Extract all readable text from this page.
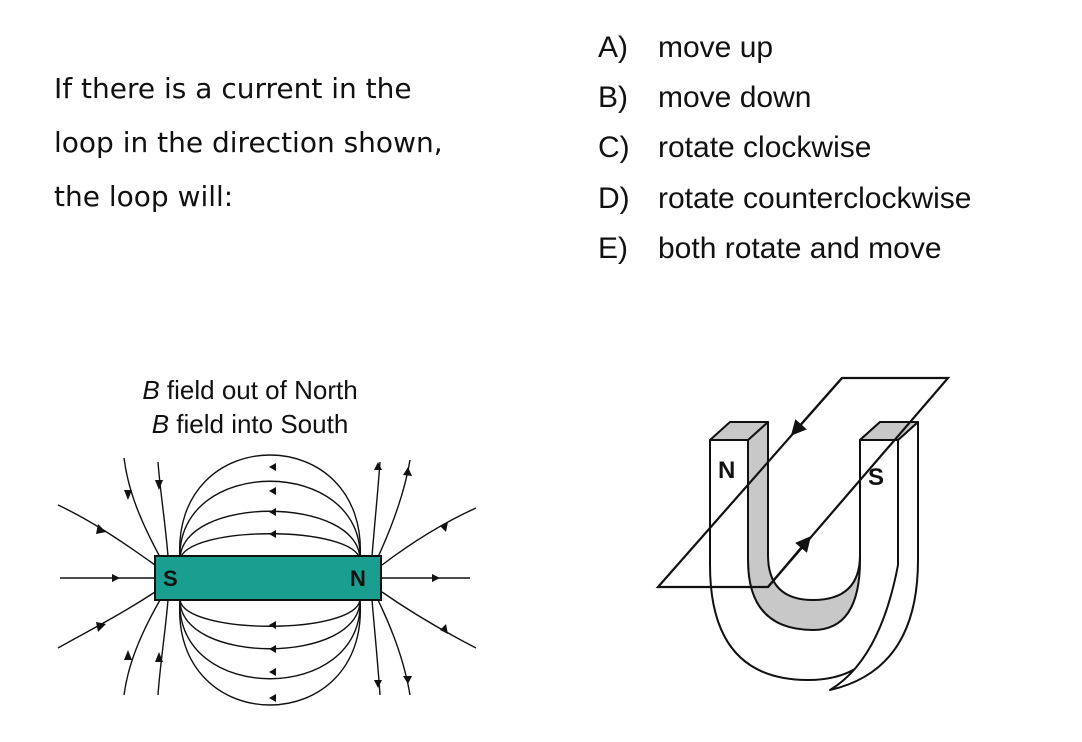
If there is a current in the
loop in the direction shown,
the loop will:
A) move up
B) move down
C) rotate clockwise
D) rotate counterclockwise
E) both rotate and move
B field out of North
B field into South
S	N
N	S
